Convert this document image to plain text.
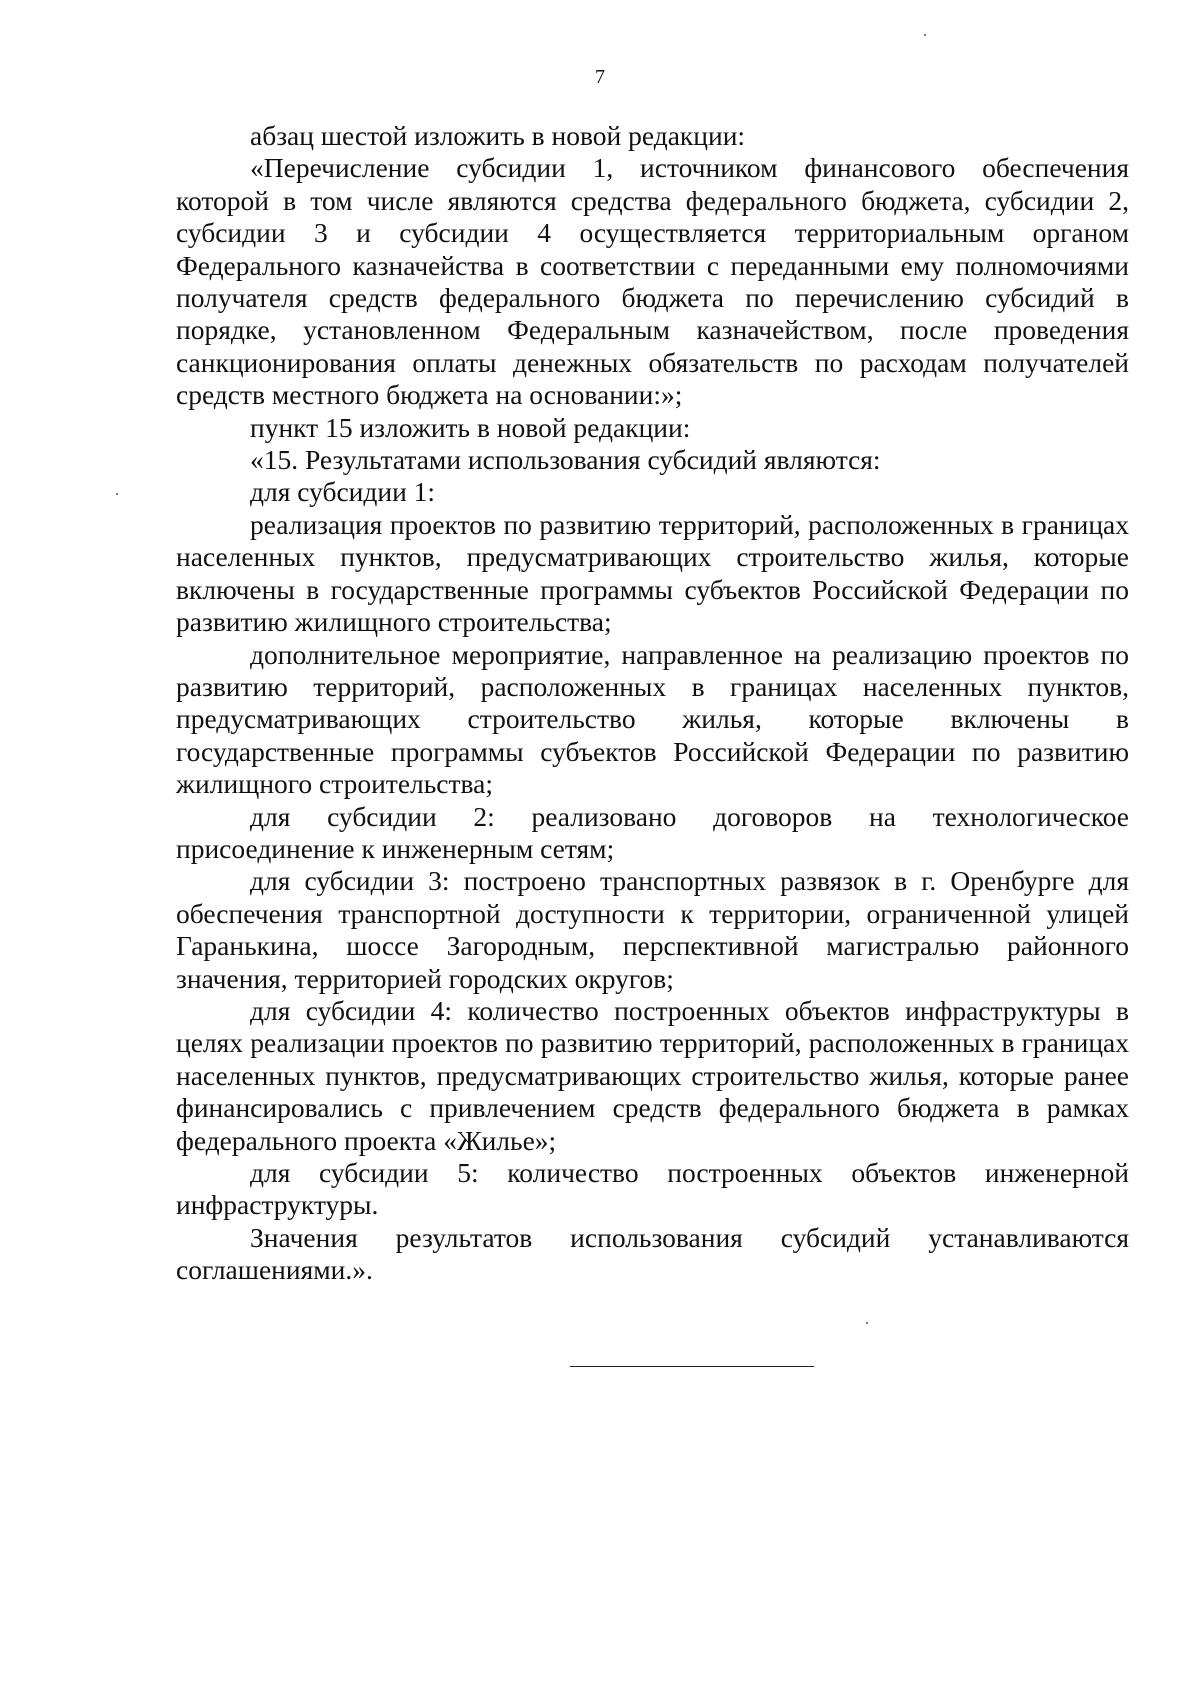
7

абзац шестой изложить в новой редакции:

«Перечисление субсидии 1, источником финансового обеспечения которой в том числе являются средства федерального бюджета, субсидии 2, субсидии 3 и субсидии 4 осуществляется территориальным органом Федерального казначейства в соответствии с переданными ему полномочиями получателя средств федерального бюджета по перечислению субсидий в порядке, установленном Федеральным казначейством, после проведения санкционирования оплаты денежных обязательств по расходам получателей средств местного бюджета на основании:»;

пункт 15 изложить в новой редакции:

«15. Результатами использования субсидий являются:

для субсидии 1:

реализация проектов по развитию территорий, расположенных в границах населенных пунктов, предусматривающих строительство жилья, которые включены в государственные программы субъектов Российской Федерации по развитию жилищного строительства;

дополнительное мероприятие, направленное на реализацию проектов по развитию территорий, расположенных в границах населенных пунктов, предусматривающих строительство жилья, которые включены в государственные программы субъектов Российской Федерации по развитию жилищного строительства;

для субсидии 2: реализовано договоров на технологическое присоединение к инженерным сетям;

для субсидии 3: построено транспортных развязок в г. Оренбурге для обеспечения транспортной доступности к территории, ограниченной улицей Гаранькина, шоссе Загородным, перспективной магистралью районного значения, территорией городских округов;

для субсидии 4: количество построенных объектов инфраструктуры в целях реализации проектов по развитию территорий, расположенных в границах населенных пунктов, предусматривающих строительство жилья, которые ранее финансировались с привлечением средств федерального бюджета в рамках федерального проекта «Жилье»;

для субсидии 5: количество построенных объектов инженерной инфраструктуры.

Значения результатов использования субсидий устанавливаются соглашениями.».
